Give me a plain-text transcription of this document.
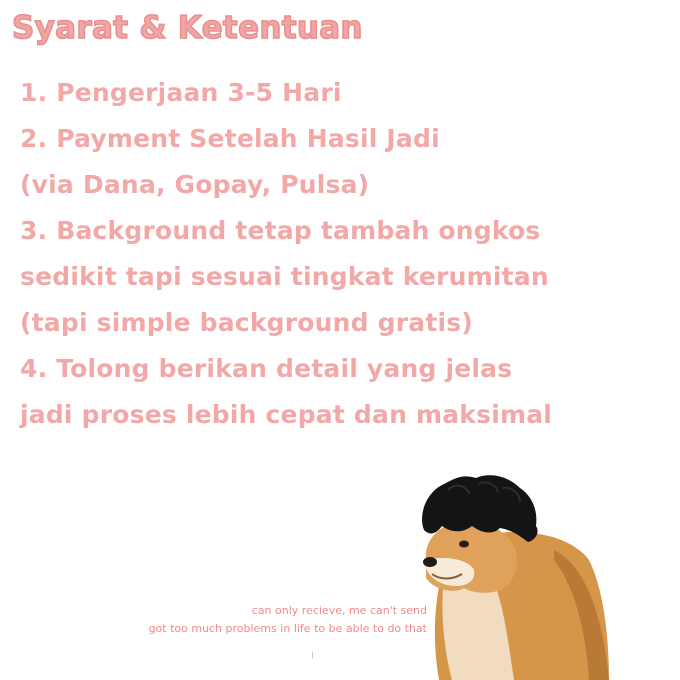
Syarat & Ketentuan
1. Pengerjaan 3-5 Hari
2. Payment Setelah Hasil Jadi
(via Dana, Gopay, Pulsa)
3. Background tetap tambah ongkos
sedikit tapi sesuai tingkat kerumitan
(tapi simple background gratis)
4. Tolong berikan detail yang jelas
jadi proses lebih cepat dan maksimal
can only recieve, me can't send
got too much problems in life to be able to do that
